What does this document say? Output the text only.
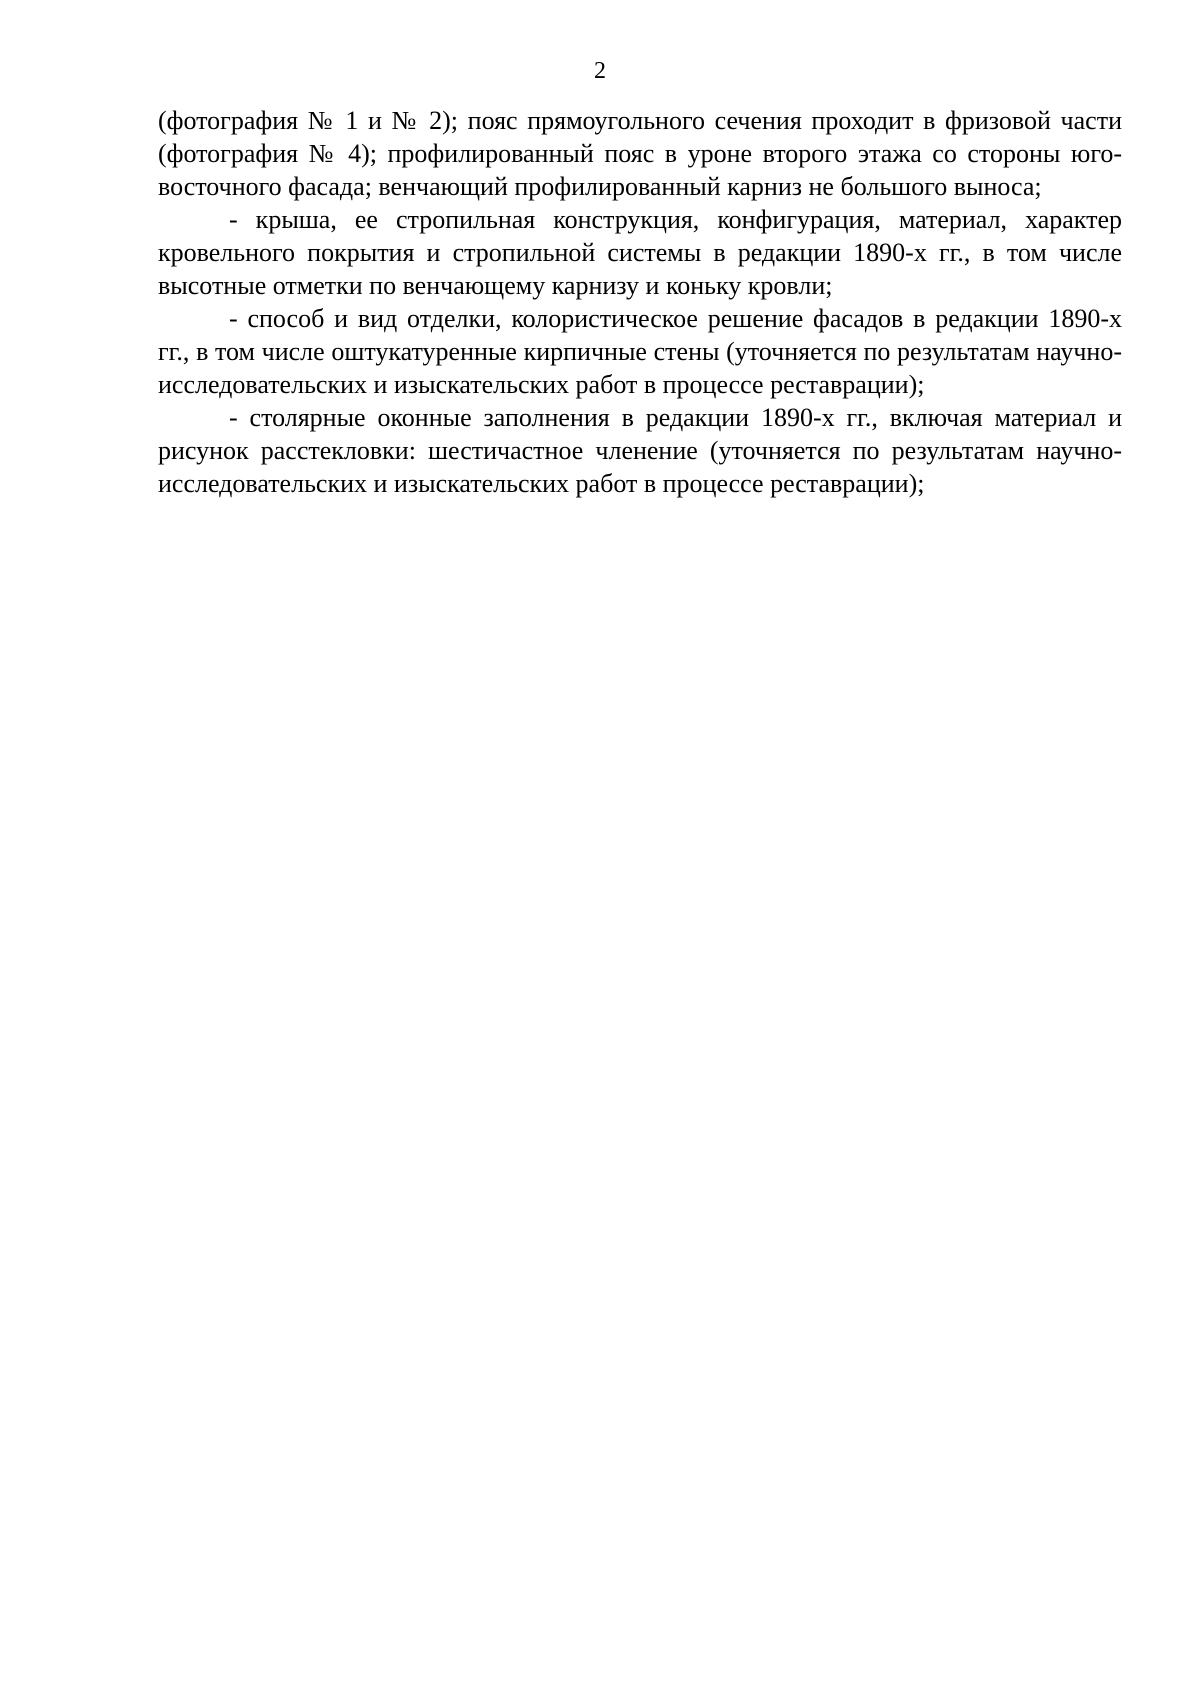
2

(фотография № 1 и № 2); пояс прямоугольного сечения проходит в фризовой части (фотография № 4); профилированный пояс в уроне второго этажа со стороны юго-восточного фасада; венчающий профилированный карниз не большого выноса;

- крыша, ее стропильная конструкция, конфигурация, материал, характер кровельного покрытия и стропильной системы в редакции 1890-х гг., в том числе высотные отметки по венчающему карнизу и коньку кровли;

- способ и вид отделки, колористическое решение фасадов в редакции 1890-х гг., в том числе оштукатуренные кирпичные стены (уточняется по результатам научно-исследовательских и изыскательских работ в процессе реставрации);

- столярные оконные заполнения в редакции 1890-х гг., включая материал и рисунок расстекловки: шестичастное членение (уточняется по результатам научно-исследовательских и изыскательских работ в процессе реставрации);
